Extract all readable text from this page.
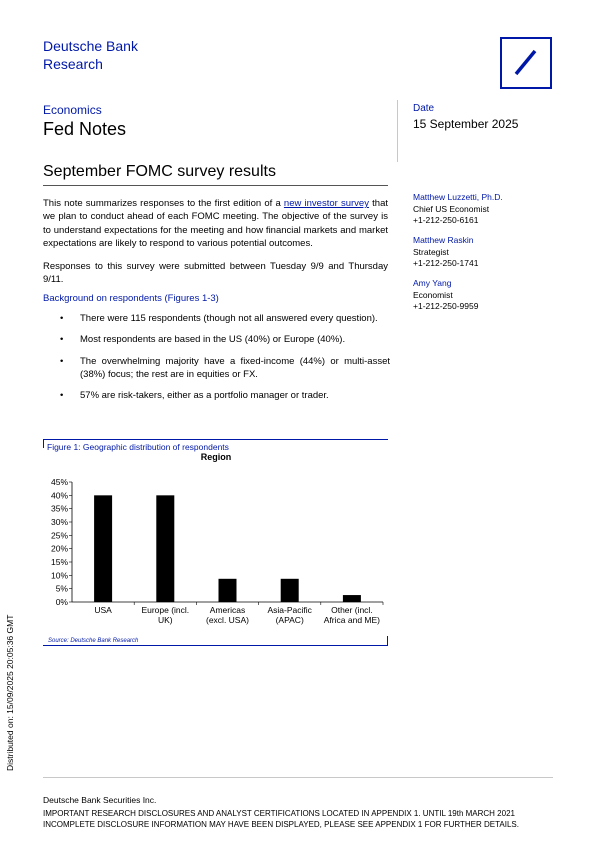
Deutsche Bank
Research
Economics
Fed Notes
Date
15 September 2025
September FOMC survey results
This note summarizes responses to the first edition of a new investor survey that we plan to conduct ahead of each FOMC meeting. The objective of the survey is to understand expectations for the meeting and how financial markets and market expectations are likely to respond to various potential outcomes.
Responses to this survey were submitted between Tuesday 9/9 and Thursday 9/11.
Background on respondents (Figures 1-3)
• There were 115 respondents (though not all answered every question).
• Most respondents are based in the US (40%) or Europe (40%).
• The overwhelming majority have a fixed-income (44%) or multi-asset (38%) focus; the rest are in equities or FX.
• 57% are risk-takers, either as a portfolio manager or trader.
Matthew Luzzetti, Ph.D.
Chief US Economist
+1-212-250-6161
Matthew Raskin
Strategist
+1-212-250-1741
Amy Yang
Economist
+1-212-250-9959
Figure 1: Geographic distribution of respondents
Region
0%
5%
10%
15%
20%
25%
30%
35%
40%
45%
USA	Europe (incl.
UK)
Americas
(excl. USA)
Asia-Pacific
(APAC)
Other (incl.
Africa and ME)
Source: Deutsche Bank Research
Deutsche Bank Securities Inc.
IMPORTANT RESEARCH DISCLOSURES AND ANALYST CERTIFICATIONS LOCATED IN APPENDIX 1. UNTIL 19th MARCH 2021 INCOMPLETE DISCLOSURE INFORMATION MAY HAVE BEEN DISPLAYED, PLEASE SEE APPENDIX 1 FOR FURTHER DETAILS.
Distributed on: 15/09/2025 20:05:36 GMT
